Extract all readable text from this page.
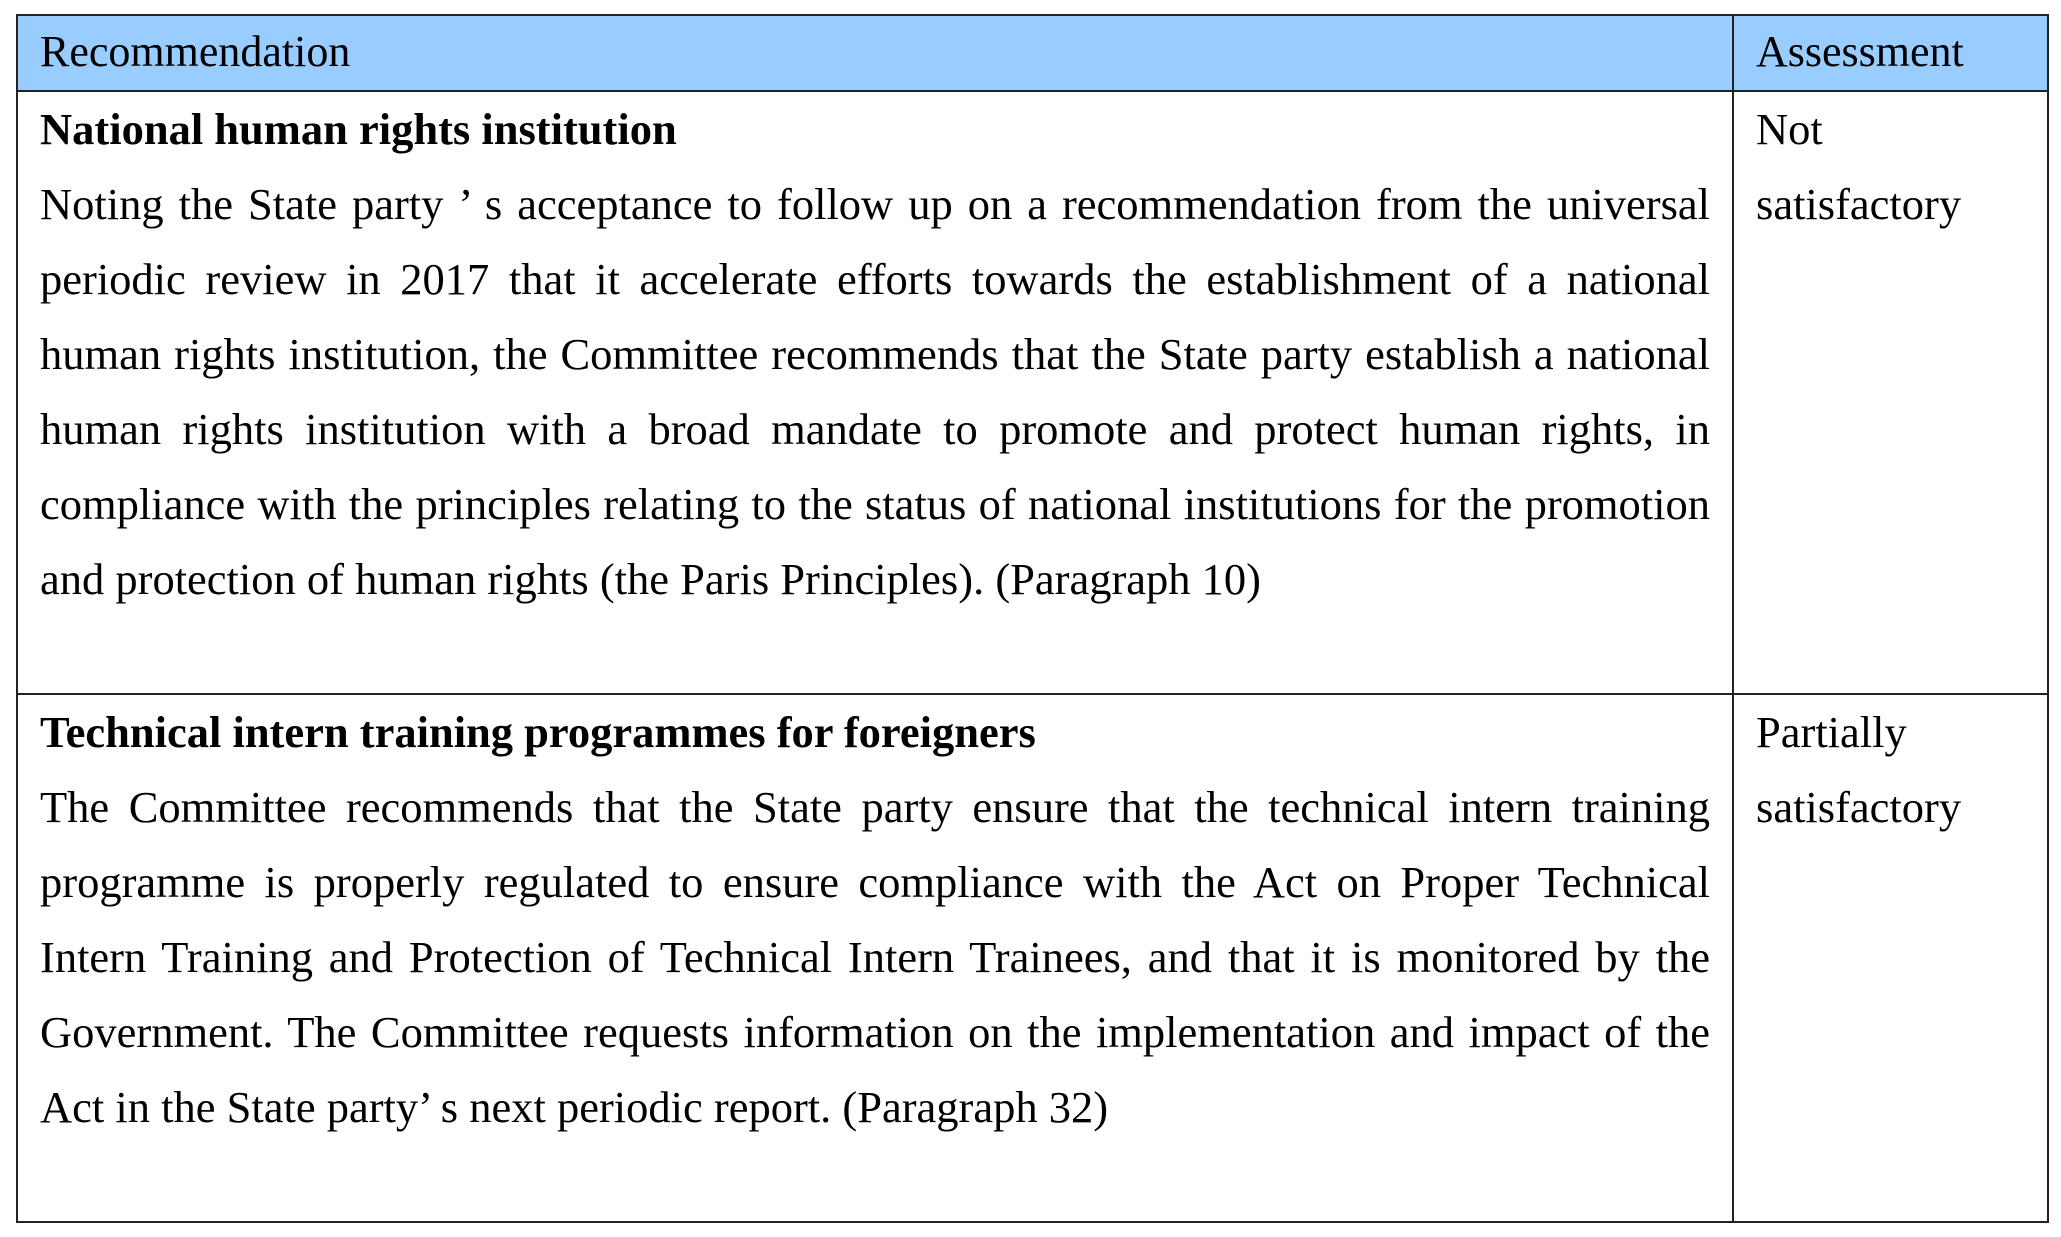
Recommendation	Assessment

National human rights institution
Noting the State party ’ s acceptance to follow up on a recommendation from the universal periodic review in 2017 that it accelerate efforts towards the establishment of a national human rights institution, the Committee recommends that the State party establish a national human rights institution with a broad mandate to promote and protect human rights, in compliance with the principles relating to the status of national institutions for the promotion and protection of human rights (the Paris Principles). (Paragraph 10)	Not satisfactory

Technical intern training programmes for foreigners
The Committee recommends that the State party ensure that the technical intern training programme is properly regulated to ensure compliance with the Act on Proper Technical Intern Training and Protection of Technical Intern Trainees, and that it is monitored by the Government. The Committee requests information on the implementation and impact of the Act in the State party’ s next periodic report. (Paragraph 32)	Partially satisfactory
